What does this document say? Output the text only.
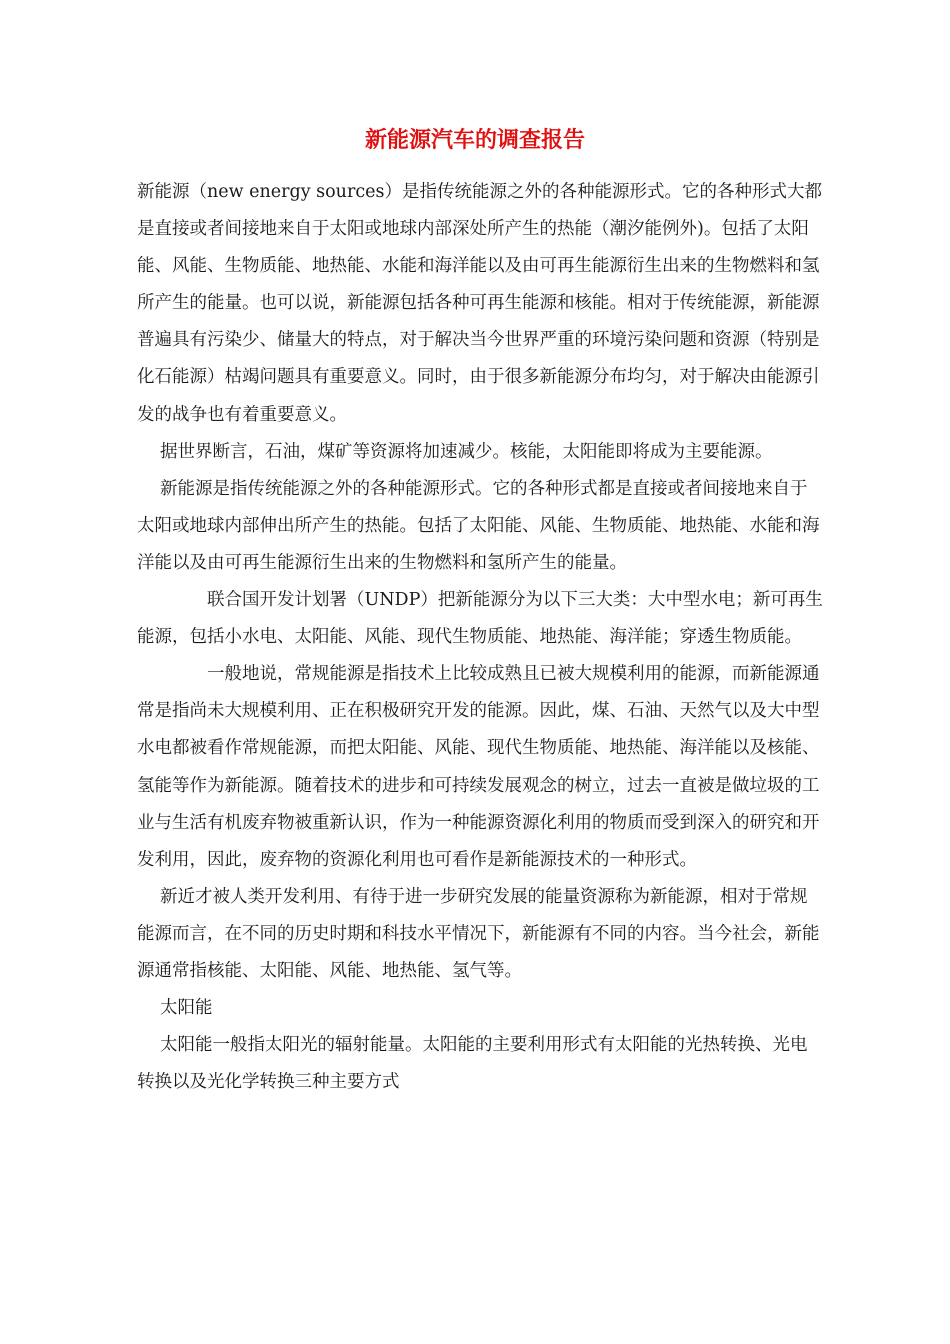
新能源汽车的调查报告

新能源（new energy sources）是指传统能源之外的各种能源形式。它的各种形式大都是直接或者间接地来自于太阳或地球内部深处所产生的热能（潮汐能例外)。包括了太阳能、风能、生物质能、地热能、水能和海洋能以及由可再生能源衍生出来的生物燃料和氢所产生的能量。也可以说，新能源包括各种可再生能源和核能。相对于传统能源，新能源普遍具有污染少、储量大的特点，对于解决当今世界严重的环境污染问题和资源（特别是化石能源）枯竭问题具有重要意义。同时，由于很多新能源分布均匀，对于解决由能源引发的战争也有着重要意义。

据世界断言，石油，煤矿等资源将加速减少。核能，太阳能即将成为主要能源。

新能源是指传统能源之外的各种能源形式。它的各种形式都是直接或者间接地来自于太阳或地球内部伸出所产生的热能。包括了太阳能、风能、生物质能、地热能、水能和海洋能以及由可再生能源衍生出来的生物燃料和氢所产生的能量。

联合国开发计划署（UNDP）把新能源分为以下三大类：大中型水电；新可再生能源，包括小水电、太阳能、风能、现代生物质能、地热能、海洋能；穿透生物质能。

一般地说，常规能源是指技术上比较成熟且已被大规模利用的能源，而新能源通常是指尚未大规模利用、正在积极研究开发的能源。因此，煤、石油、天然气以及大中型水电都被看作常规能源，而把太阳能、风能、现代生物质能、地热能、海洋能以及核能、氢能等作为新能源。随着技术的进步和可持续发展观念的树立，过去一直被是做垃圾的工业与生活有机废弃物被重新认识，作为一种能源资源化利用的物质而受到深入的研究和开发利用，因此，废弃物的资源化利用也可看作是新能源技术的一种形式。

新近才被人类开发利用、有待于进一步研究发展的能量资源称为新能源，相对于常规能源而言，在不同的历史时期和科技水平情况下，新能源有不同的内容。当今社会，新能源通常指核能、太阳能、风能、地热能、氢气等。

太阳能

太阳能一般指太阳光的辐射能量。太阳能的主要利用形式有太阳能的光热转换、光电转换以及光化学转换三种主要方式
